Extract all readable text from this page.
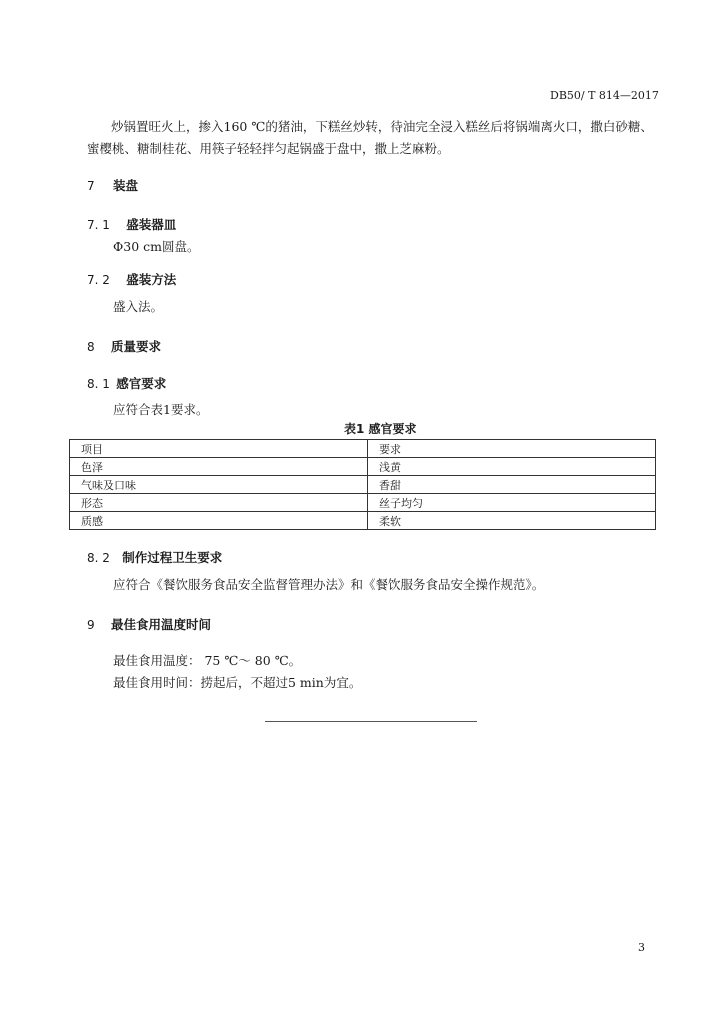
DB50/ T 814—2017
炒锅置旺火上，掺入160 ℃的猪油，下糕丝炒转，待油完全浸入糕丝后将锅端离火口，撒白砂糖、
蜜樱桃、糖制桂花、用筷子轻轻拌匀起锅盛于盘中，撒上芝麻粉。
7 装盘
7. 1 盛装器皿
Φ30 cm圆盘。
7. 2 盛装方法
盛入法。
8 质量要求
8. 1 感官要求
应符合表1要求。
表1 感官要求
项目	要求
色泽	浅黄
气味及口味	香甜
形态	丝子均匀
质感	柔软
8. 2 制作过程卫生要求
应符合《餐饮服务食品安全监督管理办法》和《餐饮服务食品安全操作规范》。
9 最佳食用温度时间
最佳食用温度： 75 ℃～ 80 ℃。
最佳食用时间：捞起后，不超过5 min为宜。
3
